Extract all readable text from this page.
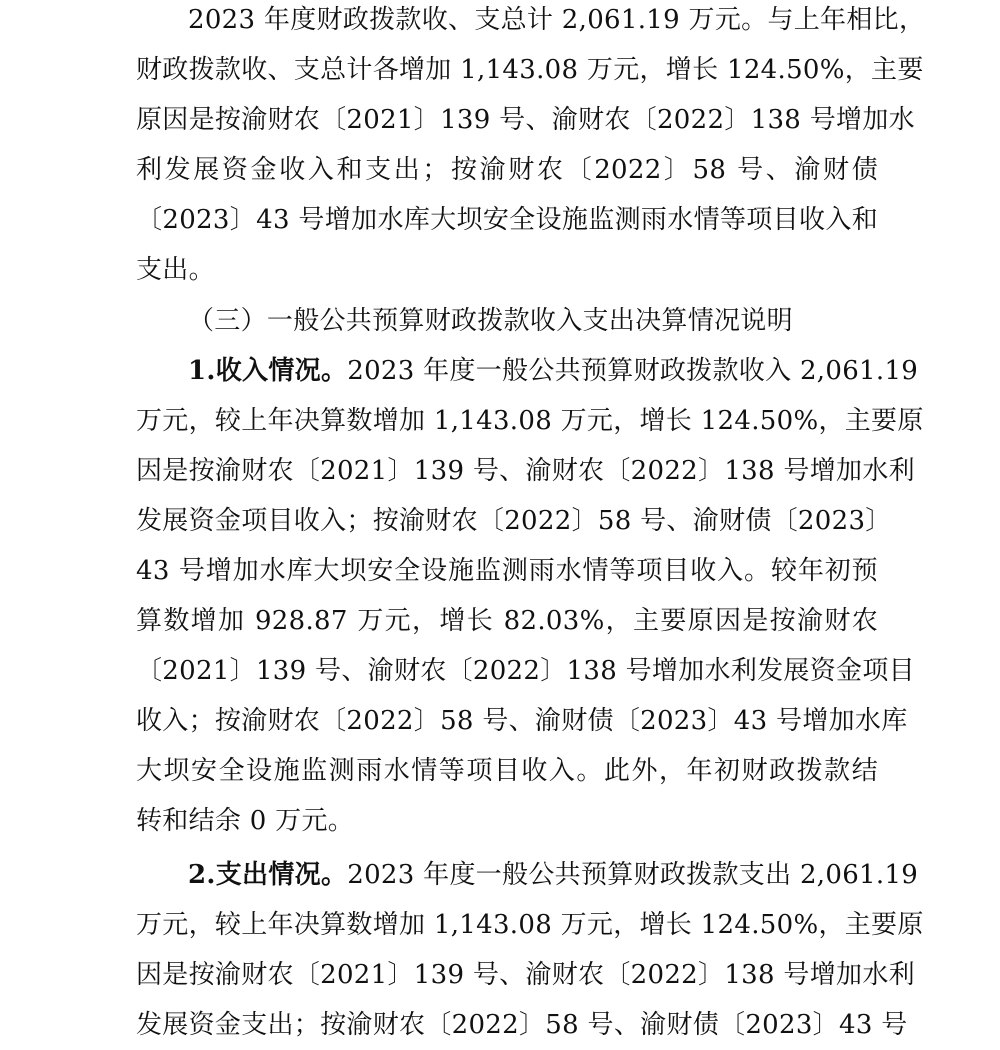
2023 年度财政拨款收、支总计 2,061.19 万元。与上年相比，
财政拨款收、支总计各增加 1,143.08 万元，增长 124.50%，主要
原因是按渝财农〔2021〕139 号、渝财农〔2022〕138 号增加水
利发展资金收入和支出；按渝财农〔2022〕58 号、渝财债
〔2023〕43 号增加水库大坝安全设施监测雨水情等项目收入和
支出。
（三）一般公共预算财政拨款收入支出决算情况说明
1.收入情况。2023 年度一般公共预算财政拨款收入 2,061.19
万元，较上年决算数增加 1,143.08 万元，增长 124.50%，主要原
因是按渝财农〔2021〕139 号、渝财农〔2022〕138 号增加水利
发展资金项目收入；按渝财农〔2022〕58 号、渝财债〔2023〕
43 号增加水库大坝安全设施监测雨水情等项目收入。较年初预
算数增加 928.87 万元，增长 82.03%，主要原因是按渝财农
〔2021〕139 号、渝财农〔2022〕138 号增加水利发展资金项目
收入；按渝财农〔2022〕58 号、渝财债〔2023〕43 号增加水库
大坝安全设施监测雨水情等项目收入。此外，年初财政拨款结
转和结余 0 万元。
2.支出情况。2023 年度一般公共预算财政拨款支出 2,061.19
万元，较上年决算数增加 1,143.08 万元，增长 124.50%，主要原
因是按渝财农〔2021〕139 号、渝财农〔2022〕138 号增加水利
发展资金支出；按渝财农〔2022〕58 号、渝财债〔2023〕43 号
